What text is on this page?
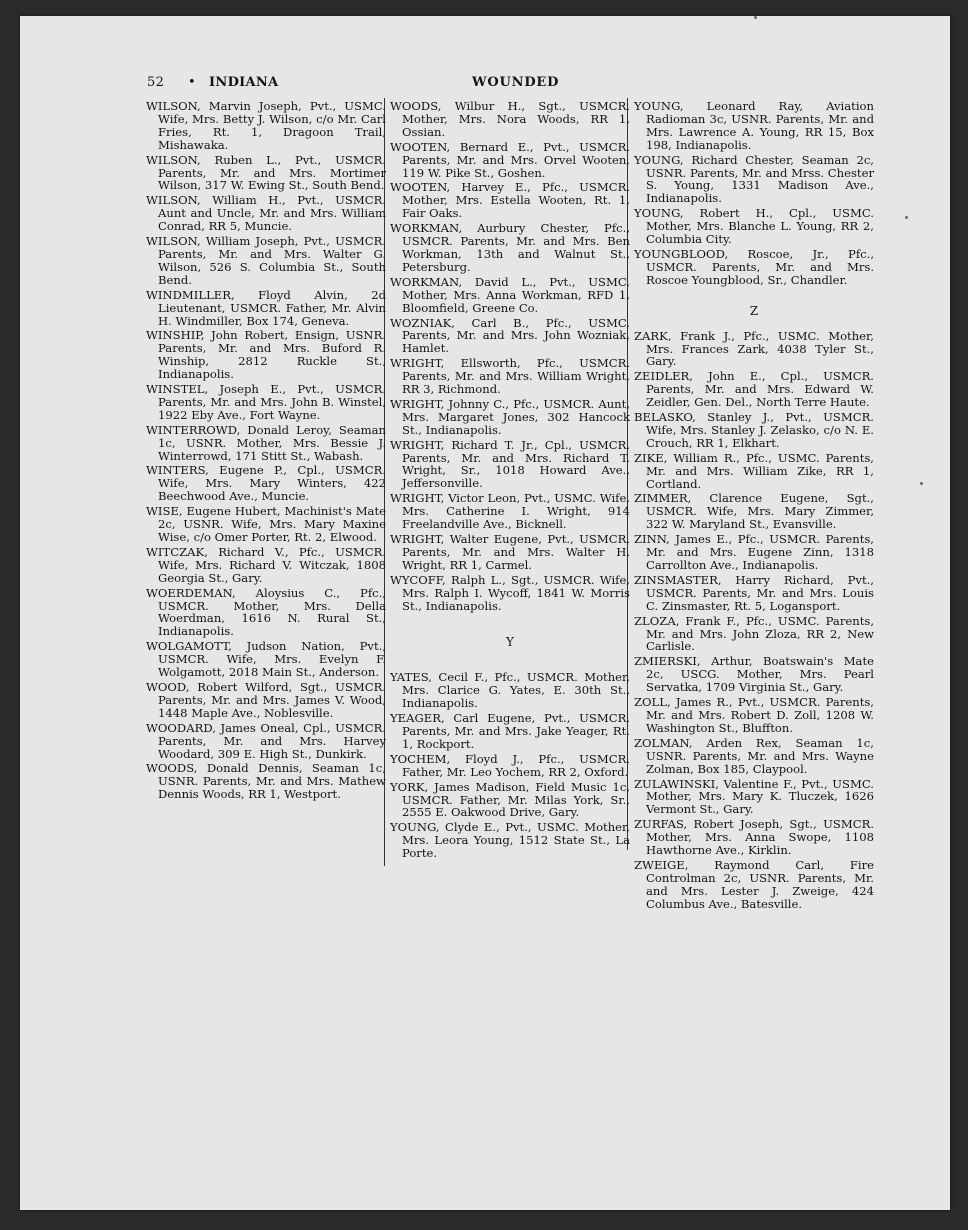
52 • INDIANA	WOUNDED

WILSON, Marvin Joseph, Pvt., USMC. Wife, Mrs. Betty J. Wilson, c/o Mr. Carl Fries, Rt. 1, Dragoon Trail, Mishawaka.

WILSON, Ruben L., Pvt., USMCR. Parents, Mr. and Mrs. Mortimer Wilson, 317 W. Ewing St., South Bend.

WILSON, William H., Pvt., USMCR. Aunt and Uncle, Mr. and Mrs. William Conrad, RR 5, Muncie.

WILSON, William Joseph, Pvt., USMCR. Parents, Mr. and Mrs. Walter G. Wilson, 526 S. Columbia St., South Bend.

WINDMILLER, Floyd Alvin, 2d Lieutenant, USMCR. Father, Mr. Alvin H. Windmiller, Box 174, Geneva.

WINSHIP, John Robert, Ensign, USNR. Parents, Mr. and Mrs. Buford R. Winship, 2812 Ruckle St., Indianapolis.

WINSTEL, Joseph E., Pvt., USMCR. Parents, Mr. and Mrs. John B. Winstel, 1922 Eby Ave., Fort Wayne.

WINTERROWD, Donald Leroy, Seaman 1c, USNR. Mother, Mrs. Bessie J. Winterrowd, 171 Stitt St., Wabash.

WINTERS, Eugene P., Cpl., USMCR. Wife, Mrs. Mary Winters, 422 Beechwood Ave., Muncie.

WISE, Eugene Hubert, Machinist's Mate 2c, USNR. Wife, Mrs. Mary Maxine Wise, c/o Omer Porter, Rt. 2, Elwood.

WITCZAK, Richard V., Pfc., USMCR. Wife, Mrs. Richard V. Witczak, 1808 Georgia St., Gary.

WOERDEMAN, Aloysius C., Pfc., USMCR. Mother, Mrs. Della Woerdman, 1616 N. Rural St., Indianapolis.

WOLGAMOTT, Judson Nation, Pvt., USMCR. Wife, Mrs. Evelyn F. Wolgamott, 2018 Main St., Anderson.

WOOD, Robert Wilford, Sgt., USMCR. Parents, Mr. and Mrs. James V. Wood, 1448 Maple Ave., Noblesville.

WOODARD, James Oneal, Cpl., USMCR. Parents, Mr. and Mrs. Harvey Woodard, 309 E. High St., Dunkirk.

WOODS, Donald Dennis, Seaman 1c, USNR. Parents, Mr. and Mrs. Mathew Dennis Woods, RR 1, Westport.

WOODS, Wilbur H., Sgt., USMCR. Mother, Mrs. Nora Woods, RR 1, Ossian.

WOOTEN, Bernard E., Pvt., USMCR. Parents, Mr. and Mrs. Orvel Wooten, 119 W. Pike St., Goshen.

WOOTEN, Harvey E., Pfc., USMCR. Mother, Mrs. Estella Wooten, Rt. 1, Fair Oaks.

WORKMAN, Aurbury Chester, Pfc., USMCR. Parents, Mr. and Mrs. Ben Workman, 13th and Walnut St., Petersburg.

WORKMAN, David L., Pvt., USMC. Mother, Mrs. Anna Workman, RFD 1, Bloomfield, Greene Co.

WOZNIAK, Carl B., Pfc., USMC. Parents, Mr. and Mrs. John Wozniak, Hamlet.

WRIGHT, Ellsworth, Pfc., USMCR. Parents, Mr. and Mrs. William Wright, RR 3, Richmond.

WRIGHT, Johnny C., Pfc., USMCR. Aunt, Mrs. Margaret Jones, 302 Hancock St., Indianapolis.

WRIGHT, Richard T. Jr., Cpl., USMCR. Parents, Mr. and Mrs. Richard T. Wright, Sr., 1018 Howard Ave., Jeffersonville.

WRIGHT, Victor Leon, Pvt., USMC. Wife, Mrs. Catherine I. Wright, 914 Freelandville Ave., Bicknell.

WRIGHT, Walter Eugene, Pvt., USMCR. Parents, Mr. and Mrs. Walter H. Wright, RR 1, Carmel.

WYCOFF, Ralph L., Sgt., USMCR. Wife, Mrs. Ralph I. Wycoff, 1841 W. Morris St., Indianapolis.

Y

YATES, Cecil F., Pfc., USMCR. Mother, Mrs. Clarice G. Yates, E. 30th St., Indianapolis.

YEAGER, Carl Eugene, Pvt., USMCR. Parents, Mr. and Mrs. Jake Yeager, Rt. 1, Rockport.

YOCHEM, Floyd J., Pfc., USMCR. Father, Mr. Leo Yochem, RR 2, Oxford.

YORK, James Madison, Field Music 1c, USMCR. Father, Mr. Milas York, Sr., 2555 E. Oakwood Drive, Gary.

YOUNG, Clyde E., Pvt., USMC. Mother, Mrs. Leora Young, 1512 State St., La Porte.

YOUNG, Leonard Ray, Aviation Radioman 3c, USNR. Parents, Mr. and Mrs. Lawrence A. Young, RR 15, Box 198, Indianapolis.

YOUNG, Richard Chester, Seaman 2c, USNR. Parents, Mr. and Mrss. Chester S. Young, 1331 Madison Ave., Indianapolis.

YOUNG, Robert H., Cpl., USMC. Mother, Mrs. Blanche L. Young, RR 2, Columbia City.

YOUNGBLOOD, Roscoe, Jr., Pfc., USMCR. Parents, Mr. and Mrs. Roscoe Youngblood, Sr., Chandler.

Z

ZARK, Frank J., Pfc., USMC. Mother, Mrs. Frances Zark, 4038 Tyler St., Gary.

ZEIDLER, John E., Cpl., USMCR. Parents, Mr. and Mrs. Edward W. Zeidler, Gen. Del., North Terre Haute.

BELASKO, Stanley J., Pvt., USMCR. Wife, Mrs. Stanley J. Zelasko, c/o N. E. Crouch, RR 1, Elkhart.

ZIKE, William R., Pfc., USMC. Parents, Mr. and Mrs. William Zike, RR 1, Cortland.

ZIMMER, Clarence Eugene, Sgt., USMCR. Wife, Mrs. Mary Zimmer, 322 W. Maryland St., Evansville.

ZINN, James E., Pfc., USMCR. Parents, Mr. and Mrs. Eugene Zinn, 1318 Carrollton Ave., Indianapolis.

ZINSMASTER, Harry Richard, Pvt., USMCR. Parents, Mr. and Mrs. Louis C. Zinsmaster, Rt. 5, Logansport.

ZLOZA, Frank F., Pfc., USMC. Parents, Mr. and Mrs. John Zloza, RR 2, New Carlisle.

ZMIERSKI, Arthur, Boatswain's Mate 2c, USCG. Mother, Mrs. Pearl Servatka, 1709 Virginia St., Gary.

ZOLL, James R., Pvt., USMCR. Parents, Mr. and Mrs. Robert D. Zoll, 1208 W. Washington St., Bluffton.

ZOLMAN, Arden Rex, Seaman 1c, USNR. Parents, Mr. and Mrs. Wayne Zolman, Box 185, Claypool.

ZULAWINSKI, Valentine F., Pvt., USMC. Mother, Mrs. Mary K. Tluczek, 1626 Vermont St., Gary.

ZURFAS, Robert Joseph, Sgt., USMCR. Mother, Mrs. Anna Swope, 1108 Hawthorne Ave., Kirklin.

ZWEIGE, Raymond Carl, Fire Controlman 2c, USNR. Parents, Mr. and Mrs. Lester J. Zweige, 424 Columbus Ave., Batesville.
